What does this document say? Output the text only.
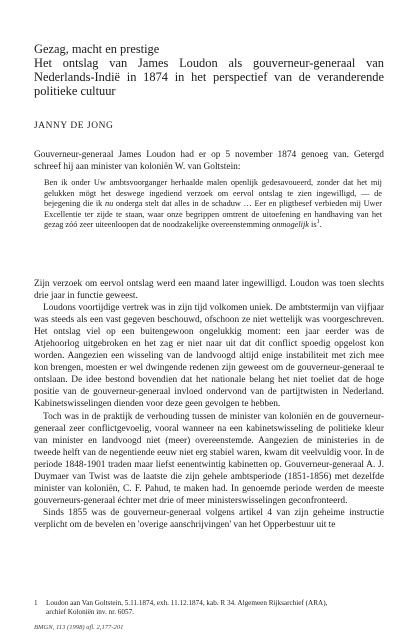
Gezag, macht en prestige
Het ontslag van James Loudon als gouverneur-generaal van Nederlands-Indië in 1874 in het perspectief van de veranderende politieke cultuur
JANNY DE JONG
Gouverneur-generaal James Loudon had er op 5 november 1874 genoeg van. Getergd schreef hij aan minister van koloniën W. van Goltstein:
Ben ik onder Uw ambtsvoorganger herhaalde malen openlijk gedesavoueerd, zonder dat het mij gelukken mögt het deswege ingediend verzoek om eervol ontslag te zien ingewilligd, — de bejegening die ik nu ondergа stelt dat alles in de schaduw … Eer en pligtbesef verbieden mij Uwer Excellentie ter zijde te staan, waar onze begrippen omtrent de uitoefening en handhaving van het gezag zóó zeer uiteenloopen dat de noodzakelijke overeenstemming onmogelijk $is^1$.

Zijn verzoek om eervol ontslag werd een maand later ingewilligd. Loudon was toen slechts drie jaar in functie geweest.

Loudons voortijdige vertrek was in zijn tijd volkomen uniek. De ambtstermijn van vijfjaar was steeds als een vast gegeven beschouwd, ofschoon ze niet wettelijk was voorgeschreven. Het ontslag viel op een buitengewoon ongelukkig moment: een jaar eerder was de Atjehoorlog uitgebroken en het zag er niet naar uit dat dit conflict spoedig opgelost kon worden. Aangezien een wisseling van de landvoogd altijd enige instabiliteit met zich mee kon brengen, moesten er wel dwingende redenen zijn geweest om de gouverneur-generaal te ontslaan. De idee bestond bovendien dat het nationale belang het niet toeliet dat de hoge positie van de gouverneur-generaal invloed ondervond van de partijtwisten in Nederland. Kabinetswisselingen dienden voor deze geen gevolgen te hebben.

Toch was in de praktijk de verhouding tussen de minister van koloniën en de gouverneur-generaal zeer conflictgevoelig, vooral wanneer na een kabinetswisseling de politieke kleur van minister en landvoogd niet (meer) overeenstemde. Aangezien de ministeries in de tweede helft van de negentiende eeuw niet erg stabiel waren, kwam dit veelvuldig voor. In de periode 1848-1901 traden maar liefst eenentwintig kabinetten op. Gouverneur-generaal A. J. Duymaer van Twist was de laatste die zijn gehele ambtsperiode (1851-1856) met dezelfde minister van koloniën, C. F. Pahud, te maken had. In genoemde periode werden de meeste gouverneurs-generaal échter met drie of meer ministerswisselingen geconfronteerd.

Sinds 1855 was de gouverneur-generaal volgens artikel 4 van zijn geheime instructie verplicht om de bevelen en 'overige aanschrijvingen' van het Opperbestuur uit te

1 Loudon aan Van Goltstein, 5.11.1874, exh. 11.12.1874, kab. R 34. Algemeen Rijksarchief (ARA),
archief Koloniën inv. nr. 6057.
BMGN, 113 (1998) afl. 2,177-201
